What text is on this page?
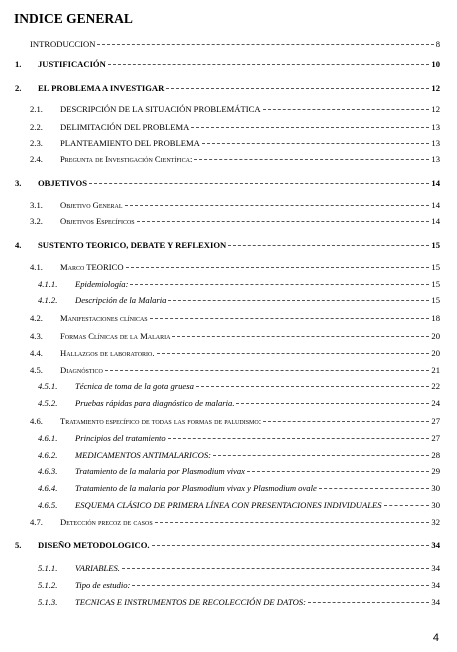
INDICE GENERAL
INTRODUCCION	8
1. JUSTIFICACIÓN	10
2. EL PROBLEMA A INVESTIGAR	12
2.1. DESCRIPCIÓN DE LA SITUACIÓN PROBLEMÁTICA	12
2.2. DELIMITACIÓN DEL PROBLEMA	13
2.3. PLANTEAMIENTO DEL PROBLEMA	13
2.4. Pregunta de Investigación Científica:	13
3. OBJETIVOS	14
3.1. Objetivo General	14
3.2. Objetivos Específicos	14
4. SUSTENTO TEORICO, DEBATE Y REFLEXION	15
4.1. Marco TEORICO	15
4.1.1. Epidemiología:	15
4.1.2. Descripción de la Malaria	15
4.2. Manifestaciones clínicas	18
4.3. Formas Clínicas de la Malaria	20
4.4. Hallazgos de laboratorio.	20
4.5. Diagnóstico	21
4.5.1. Técnica de toma de la gota gruesa	22
4.5.2. Pruebas rápidas para diagnóstico de malaria.	24
4.6. Tratamiento específico de todas las formas de paludismo:	27
4.6.1. Principios del tratamiento	27
4.6.2. MEDICAMENTOS ANTIMALARICOS:	28
4.6.3. Tratamiento de la malaria por Plasmodium vivax	29
4.6.4. Tratamiento de la malaria por Plasmodium vivax y Plasmodium ovale	30
4.6.5. ESQUEMA CLÁSICO DE PRIMERA LÍNEA CON PRESENTACIONES INDIVIDUALES	30
4.7. Detección precoz de casos	32
5. DISEÑO METODOLOGICO.	34
5.1.1. VARIABLES.	34
5.1.2. Tipo de estudio:	34
5.1.3. TECNICAS E INSTRUMENTOS DE RECOLECCIÓN DE DATOS:	34
4
